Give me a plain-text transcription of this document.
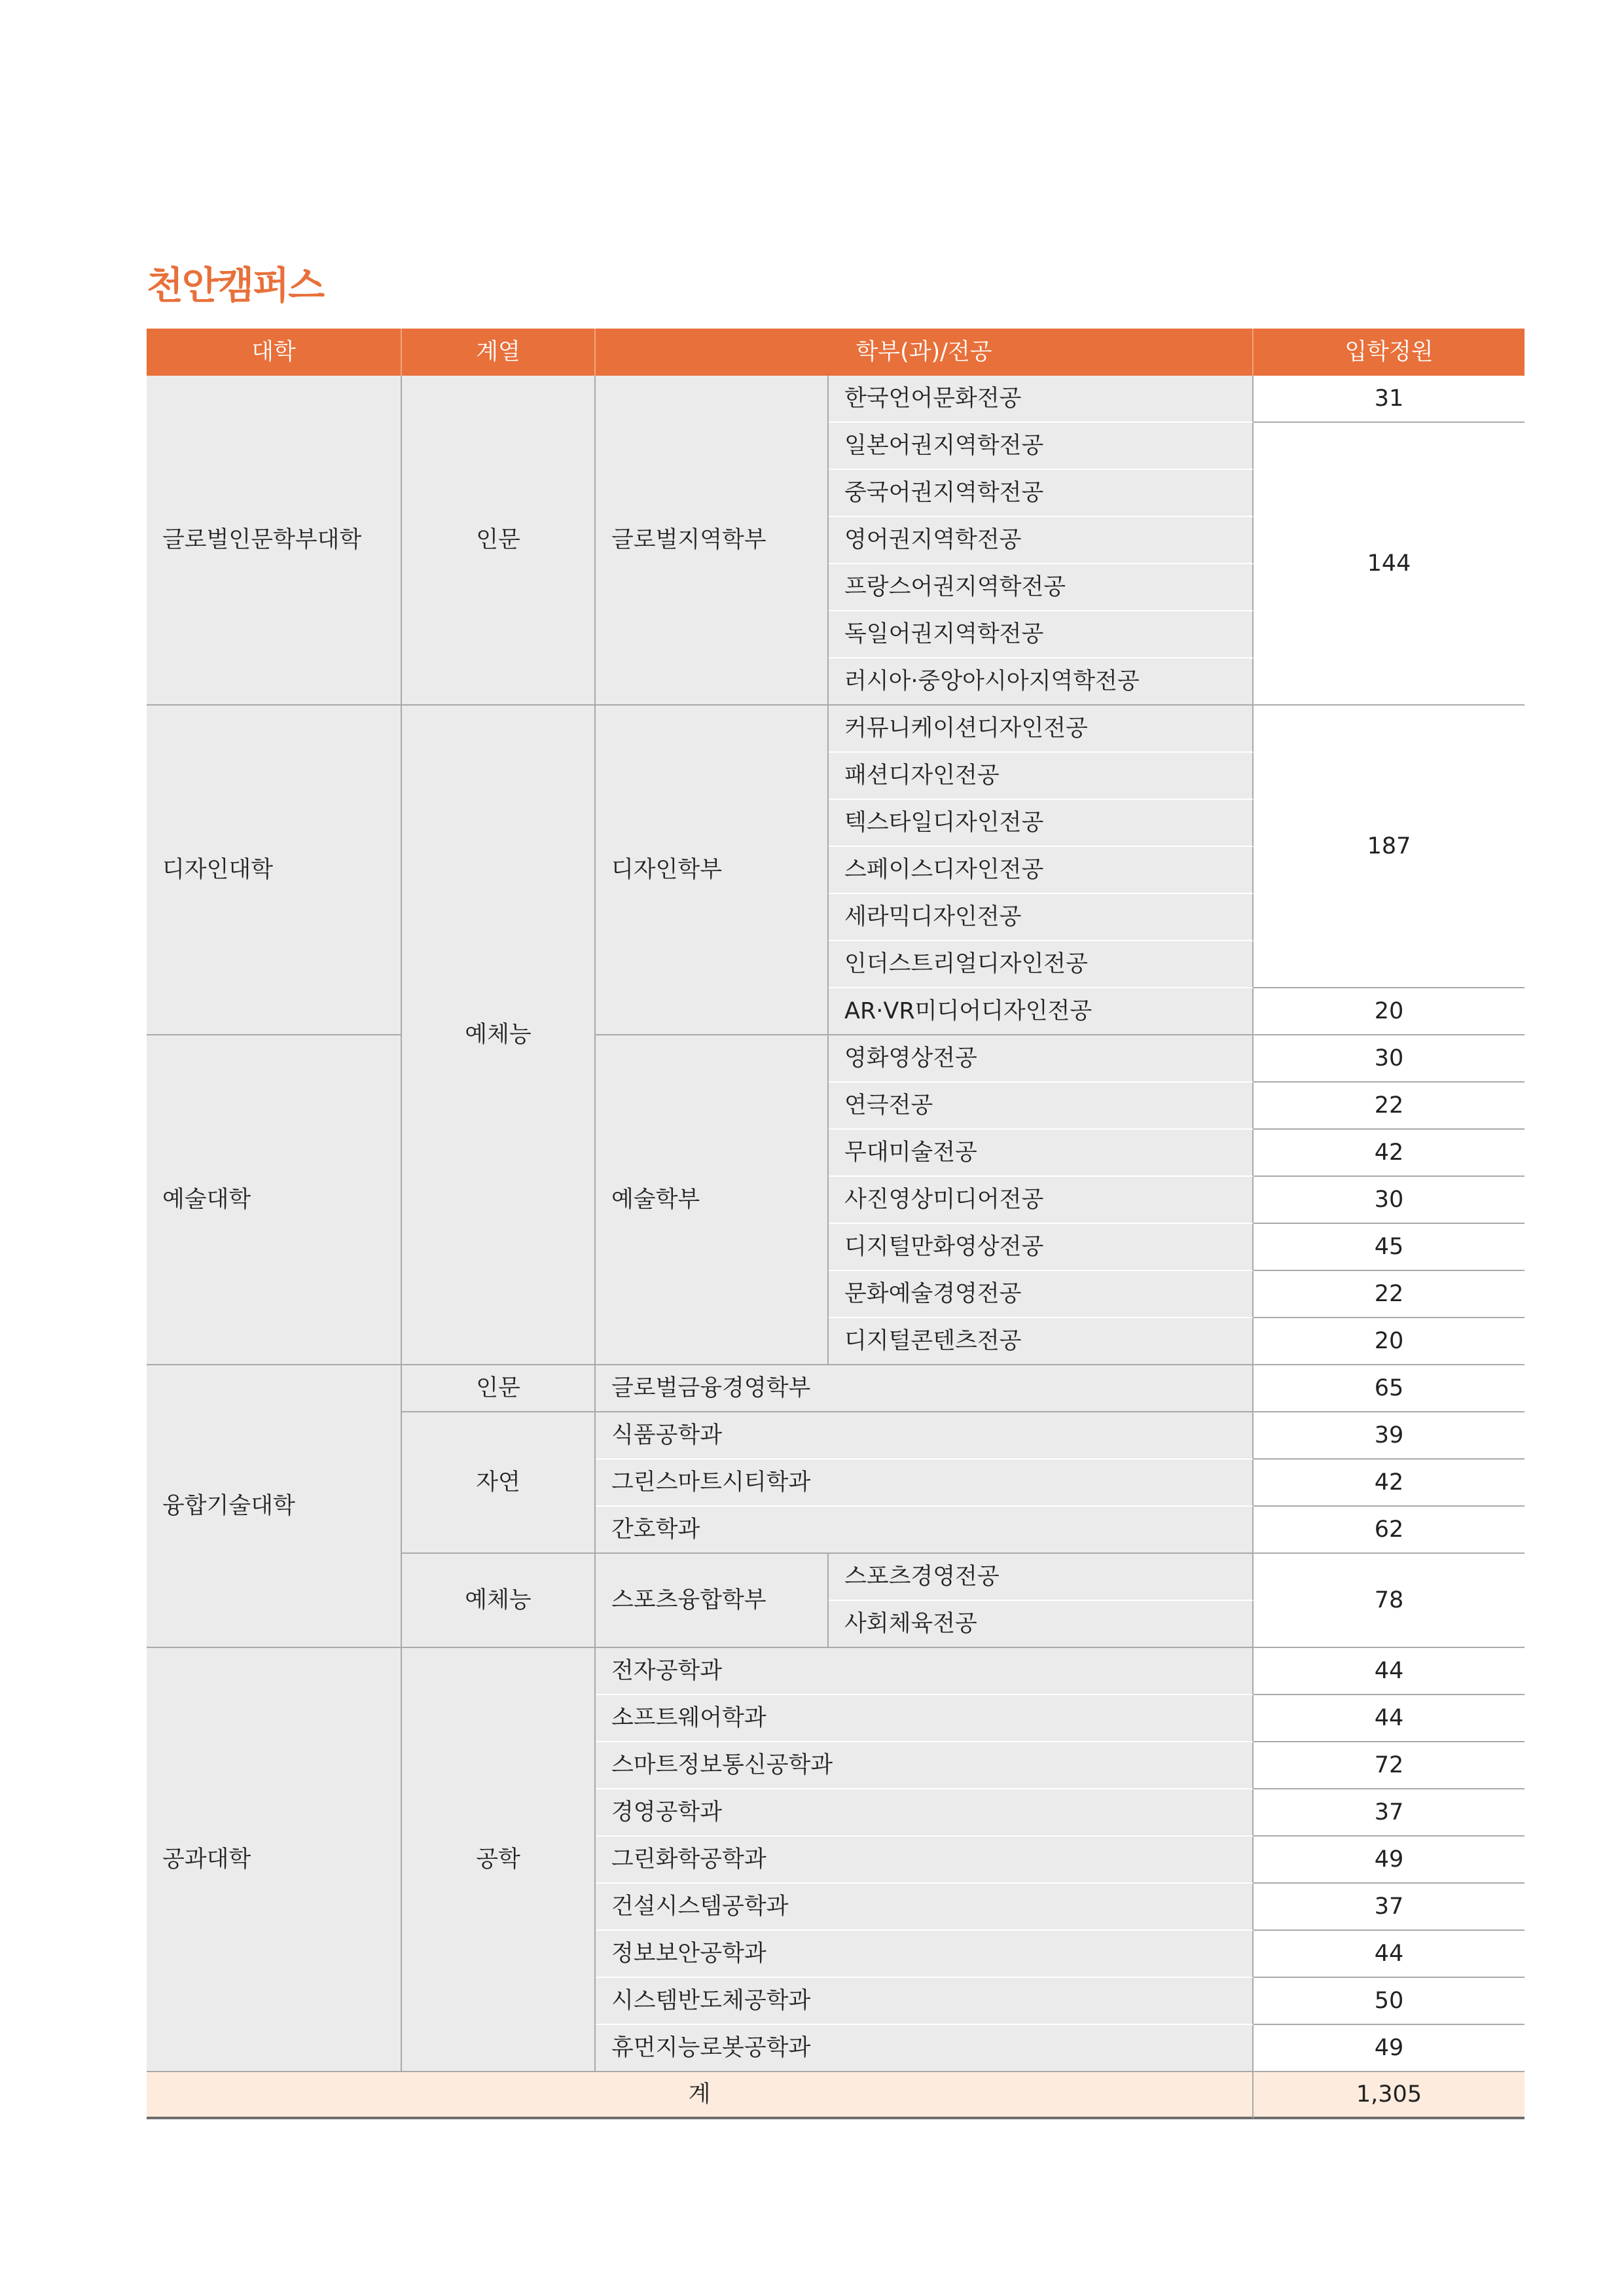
천안캠퍼스
대학	계열	학부(과)/전공		입학정원
글로벌인문학부대학	인문	글로벌지역학부	한국언어문화전공	31
			일본어권지역학전공	144
			중국어권지역학전공	
			영어권지역학전공	
			프랑스어권지역학전공	
			독일어권지역학전공	
			러시아·중앙아시아지역학전공	
디자인대학	예체능	디자인학부	커뮤니케이션디자인전공	187
			패션디자인전공	
			텍스타일디자인전공	
			스페이스디자인전공	
			세라믹디자인전공	
			인더스트리얼디자인전공	
			AR·VR미디어디자인전공	20
예술대학		예술학부	영화영상전공	30
			연극전공	22
			무대미술전공	42
			사진영상미디어전공	30
			디지털만화영상전공	45
			문화예술경영전공	22
			디지털콘텐츠전공	20
융합기술대학	인문	글로벌금융경영학부		65
	자연	식품공학과		39
		그린스마트시티학과		42
		간호학과		62
	예체능	스포츠융합학부	스포츠경영전공	78
			사회체육전공	
공과대학	공학	전자공학과		44
		소프트웨어학과		44
		스마트정보통신공학과		72
		경영공학과		37
		그린화학공학과		49
		건설시스템공학과		37
		정보보안공학과		44
		시스템반도체공학과		50
		휴먼지능로봇공학과		49
계				1,305
